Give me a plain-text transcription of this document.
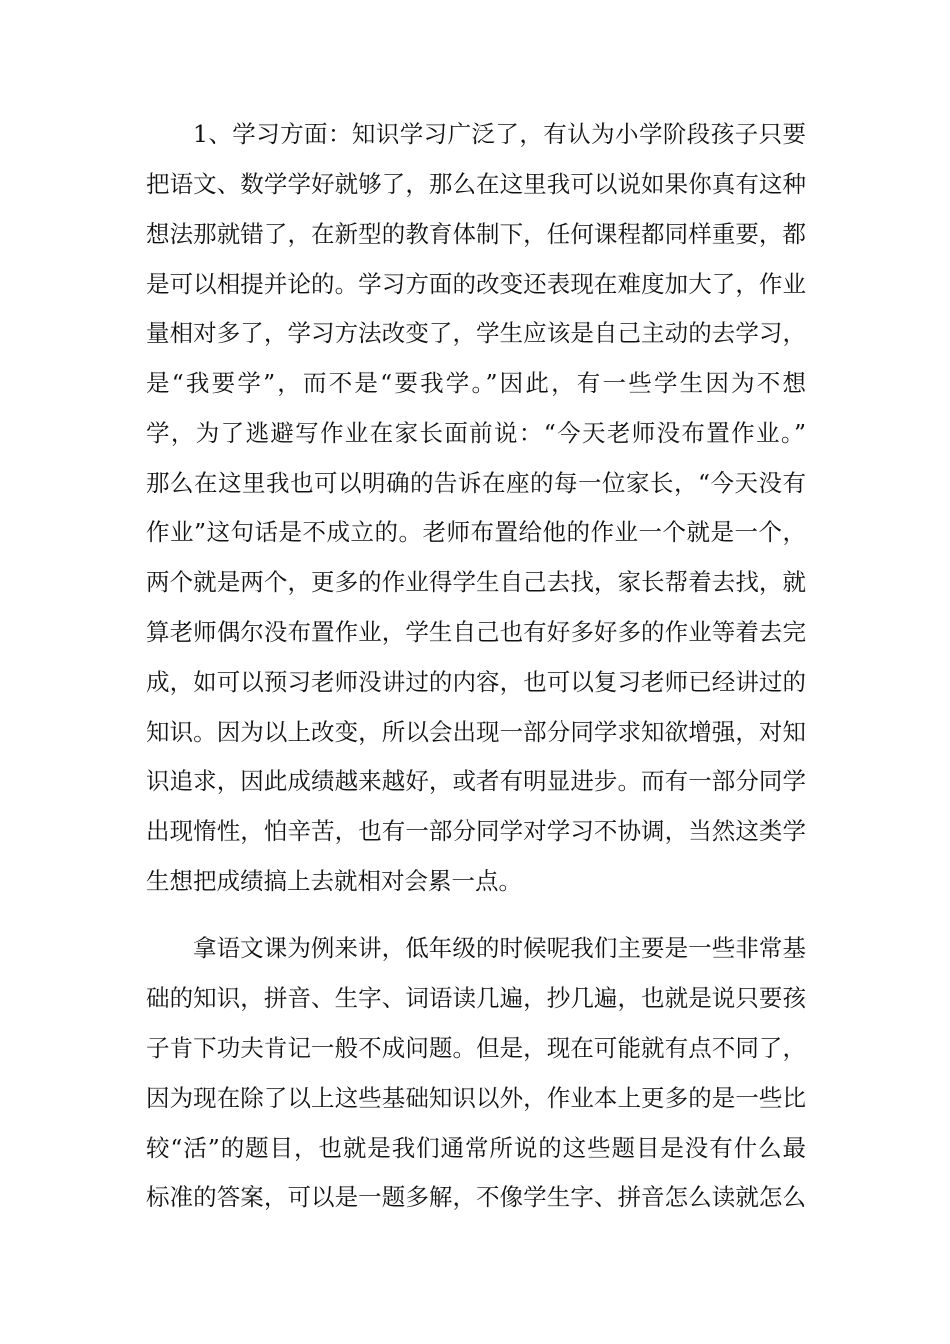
1、学习方面：知识学习广泛了，有认为小学阶段孩子只要
把语文、数学学好就够了，那么在这里我可以说如果你真有这种
想法那就错了，在新型的教育体制下，任何课程都同样重要，都
是可以相提并论的。学习方面的改变还表现在难度加大了，作业
量相对多了，学习方法改变了，学生应该是自己主动的去学习，
是“我要学”，而不是“要我学。”因此，有一些学生因为不想
学，为了逃避写作业在家长面前说：“今天老师没布置作业。”
那么在这里我也可以明确的告诉在座的每一位家长，“今天没有
作业”这句话是不成立的。老师布置给他的作业一个就是一个，
两个就是两个，更多的作业得学生自己去找，家长帮着去找，就
算老师偶尔没布置作业，学生自己也有好多好多的作业等着去完
成，如可以预习老师没讲过的内容，也可以复习老师已经讲过的
知识。因为以上改变，所以会出现一部分同学求知欲增强，对知
识追求，因此成绩越来越好，或者有明显进步。而有一部分同学
出现惰性，怕辛苦，也有一部分同学对学习不协调，当然这类学
生想把成绩搞上去就相对会累一点。
拿语文课为例来讲，低年级的时候呢我们主要是一些非常基
础的知识，拼音、生字、词语读几遍，抄几遍，也就是说只要孩
子肯下功夫肯记一般不成问题。但是，现在可能就有点不同了，
因为现在除了以上这些基础知识以外，作业本上更多的是一些比
较“活”的题目，也就是我们通常所说的这些题目是没有什么最
标准的答案，可以是一题多解，不像学生字、拼音怎么读就怎么
